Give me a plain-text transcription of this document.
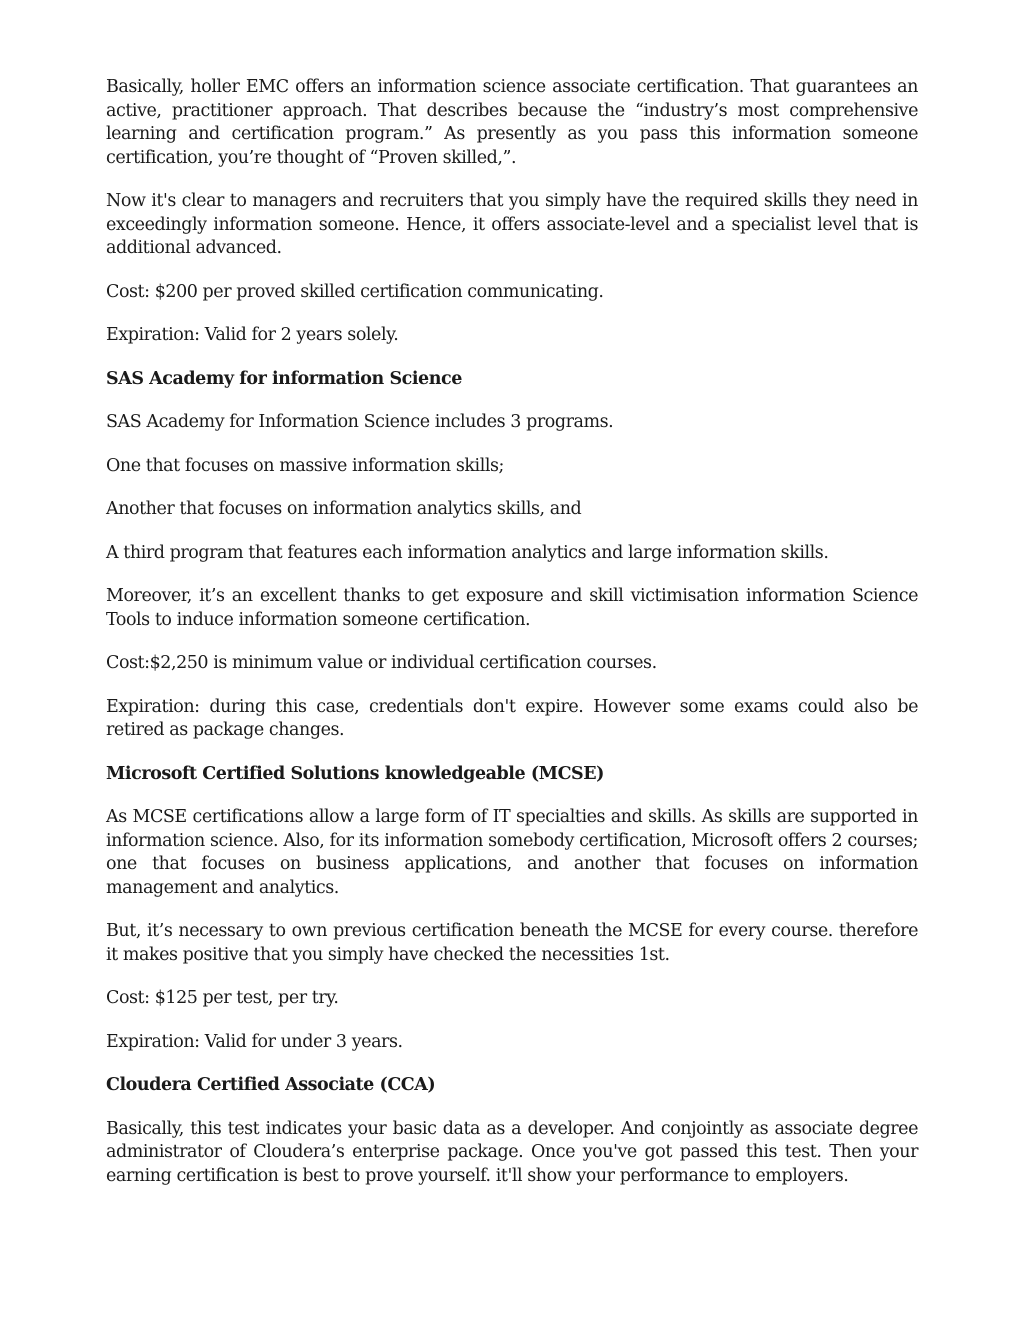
Basically, holler EMC offers an information science associate certification. That guarantees an active, practitioner approach. That describes because the “industry’s most comprehensive learning and certification program.” As presently as you pass this information someone certification, you’re thought of “Proven skilled,”.

Now it's clear to managers and recruiters that you simply have the required skills they need in exceedingly information someone. Hence, it offers associate-level and a specialist level that is additional advanced.

Cost: $200 per proved skilled certification communicating.

Expiration: Valid for 2 years solely.

SAS Academy for information Science

SAS Academy for Information Science includes 3 programs.

One that focuses on massive information skills;

Another that focuses on information analytics skills, and

A third program that features each information analytics and large information skills.

Moreover, it’s an excellent thanks to get exposure and skill victimisation information Science Tools to induce information someone certification.

Cost:$2,250 is minimum value or individual certification courses.

Expiration: during this case, credentials don't expire. However some exams could also be retired as package changes.

Microsoft Certified Solutions knowledgeable (MCSE)

As MCSE certifications allow a large form of IT specialties and skills. As skills are supported in information science. Also, for its information somebody certification, Microsoft offers 2 courses; one that focuses on business applications, and another that focuses on information management and analytics.

But, it’s necessary to own previous certification beneath the MCSE for every course. therefore it makes positive that you simply have checked the necessities 1st.

Cost: $125 per test, per try.

Expiration: Valid for under 3 years.

Cloudera Certified Associate (CCA)

Basically, this test indicates your basic data as a developer. And conjointly as associate degree administrator of Cloudera’s enterprise package. Once you've got passed this test. Then your earning certification is best to prove yourself. it'll show your performance to employers.
